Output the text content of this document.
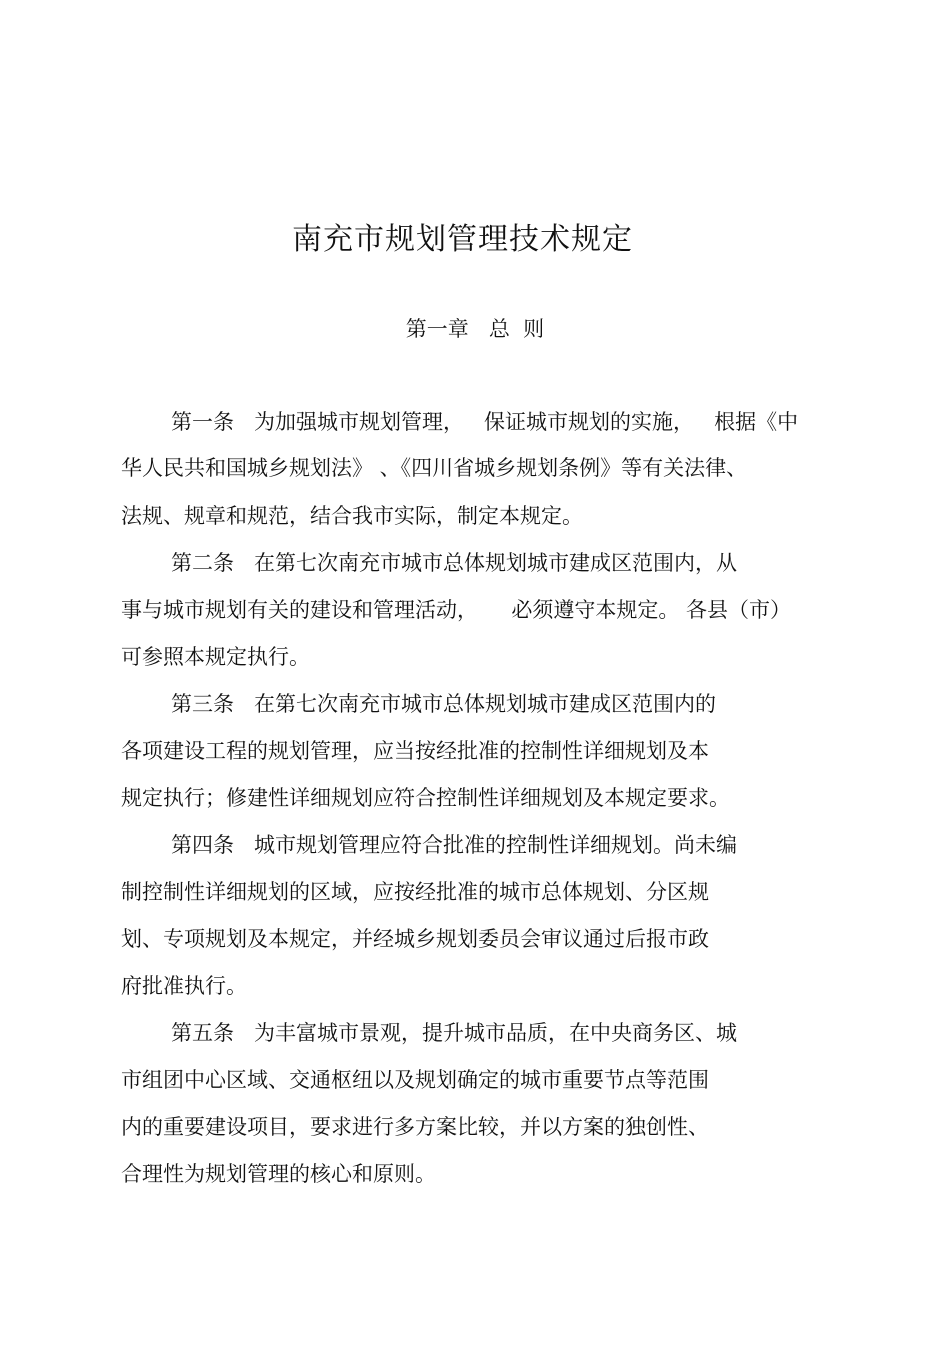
南充市规划管理技术规定
第一章   总  则

第一条   为加强城市规划管理，   保证城市规划的实施，   根据《中

华人民共和国城乡规划法》 、《四川省城乡规划条例》等有关法律、

法规、规章和规范，结合我市实际，制定本规定。

第二条   在第七次南充市城市总体规划城市建成区范围内，从

事与城市规划有关的建设和管理活动，     必须遵守本规定。 各县（市）

可参照本规定执行。

第三条   在第七次南充市城市总体规划城市建成区范围内的

各项建设工程的规划管理，应当按经批准的控制性详细规划及本

规定执行；修建性详细规划应符合控制性详细规划及本规定要求。

第四条   城市规划管理应符合批准的控制性详细规划。尚未编

制控制性详细规划的区域，应按经批准的城市总体规划、分区规

划、专项规划及本规定，并经城乡规划委员会审议通过后报市政

府批准执行。

第五条   为丰富城市景观，提升城市品质，在中央商务区、城

市组团中心区域、交通枢纽以及规划确定的城市重要节点等范围

内的重要建设项目，要求进行多方案比较，并以方案的独创性、

合理性为规划管理的核心和原则。
